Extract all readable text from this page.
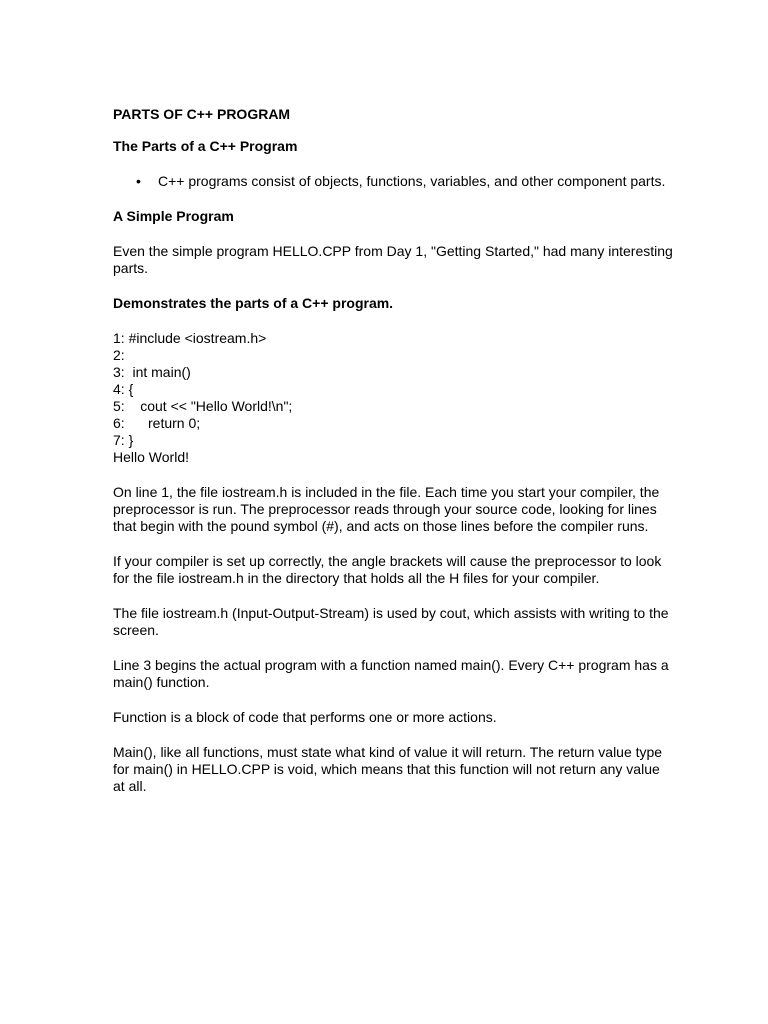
PARTS OF C++ PROGRAM
The Parts of a C++ Program
• C++ programs consist of objects, functions, variables, and other component parts.
A Simple Program
Even the simple program HELLO.CPP from Day 1, "Getting Started," had many interesting parts.
Demonstrates the parts of a C++ program.
1: #include <iostream.h>
2:
3:  int main()
4: {
5:    cout << "Hello World!\n";
6:      return 0;
7: }
Hello World!
On line 1, the file iostream.h is included in the file. Each time you start your compiler, the preprocessor is run. The preprocessor reads through your source code, looking for lines that begin with the pound symbol (#), and acts on those lines before the compiler runs.
If your compiler is set up correctly, the angle brackets will cause the preprocessor to look for the file iostream.h in the directory that holds all the H files for your compiler.
The file iostream.h (Input-Output-Stream) is used by cout, which assists with writing to the screen.
Line 3 begins the actual program with a function named main(). Every C++ program has a main() function.
Function is a block of code that performs one or more actions.
Main(), like all functions, must state what kind of value it will return. The return value type for main() in HELLO.CPP is void, which means that this function will not return any value at all.
